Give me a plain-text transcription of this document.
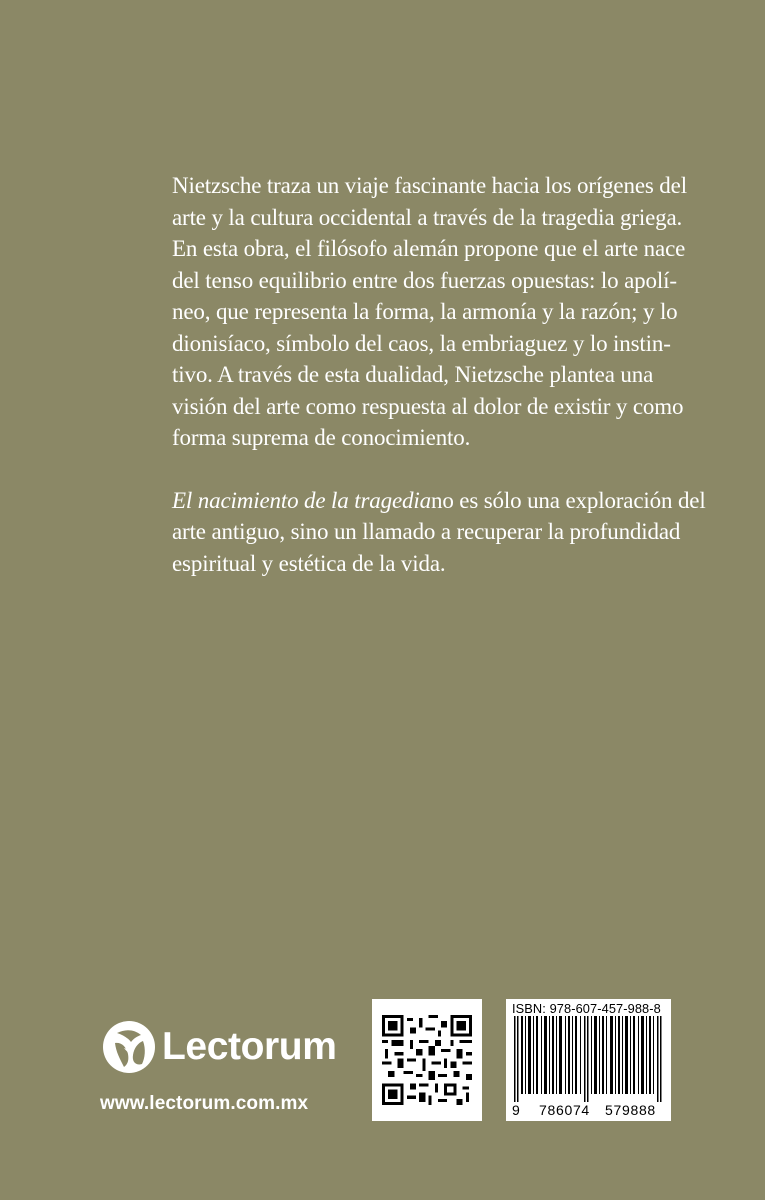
Nietzsche traza un viaje fascinante hacia los orígenes del
arte y la cultura occidental a través de la tragedia griega.
En esta obra, el filósofo alemán propone que el arte nace
del tenso equilibrio entre dos fuerzas opuestas: lo apolí-
neo, que representa la forma, la armonía y la razón; y lo
dionisíaco, símbolo del caos, la embriaguez y lo instin-
tivo. A través de esta dualidad, Nietzsche plantea una
visión del arte como respuesta al dolor de existir y como
forma suprema de conocimiento.
El nacimiento de la tragediano es sólo una exploración del
arte antiguo, sino un llamado a recuperar la profundidad
espiritual y estética de la vida.
Lectorum
www.lectorum.com.mx
ISBN: 978-607-457-988-8
9 786074 579888
